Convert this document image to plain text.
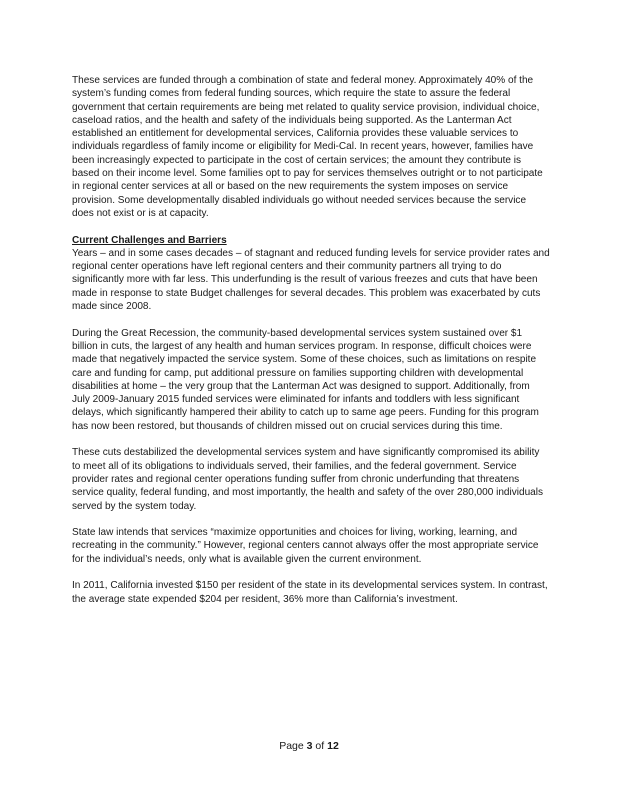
These services are funded through a combination of state and federal money. Approximately 40% of the system’s funding comes from federal funding sources, which require the state to assure the federal government that certain requirements are being met related to quality service provision, individual choice, caseload ratios, and the health and safety of the individuals being supported. As the Lanterman Act established an entitlement for developmental services, California provides these valuable services to individuals regardless of family income or eligibility for Medi-Cal. In recent years, however, families have been increasingly expected to participate in the cost of certain services; the amount they contribute is based on their income level. Some families opt to pay for services themselves outright or to not participate in regional center services at all or based on the new requirements the system imposes on service provision. Some developmentally disabled individuals go without needed services because the service does not exist or is at capacity.

Current Challenges and Barriers

Years – and in some cases decades – of stagnant and reduced funding levels for service provider rates and regional center operations have left regional centers and their community partners all trying to do significantly more with far less. This underfunding is the result of various freezes and cuts that have been made in response to state Budget challenges for several decades. This problem was exacerbated by cuts made since 2008.

During the Great Recession, the community-based developmental services system sustained over $1 billion in cuts, the largest of any health and human services program. In response, difficult choices were made that negatively impacted the service system. Some of these choices, such as limitations on respite care and funding for camp, put additional pressure on families supporting children with developmental disabilities at home – the very group that the Lanterman Act was designed to support. Additionally, from July 2009-January 2015 funded services were eliminated for infants and toddlers with less significant delays, which significantly hampered their ability to catch up to same age peers. Funding for this program has now been restored, but thousands of children missed out on crucial services during this time.

These cuts destabilized the developmental services system and have significantly compromised its ability to meet all of its obligations to individuals served, their families, and the federal government. Service provider rates and regional center operations funding suffer from chronic underfunding that threatens service quality, federal funding, and most importantly, the health and safety of the over 280,000 individuals served by the system today.

State law intends that services “maximize opportunities and choices for living, working, learning, and recreating in the community.” However, regional centers cannot always offer the most appropriate service for the individual’s needs, only what is available given the current environment.

In 2011, California invested $150 per resident of the state in its developmental services system. In contrast, the average state expended $204 per resident, 36% more than California’s investment.

Page 3 of 12
